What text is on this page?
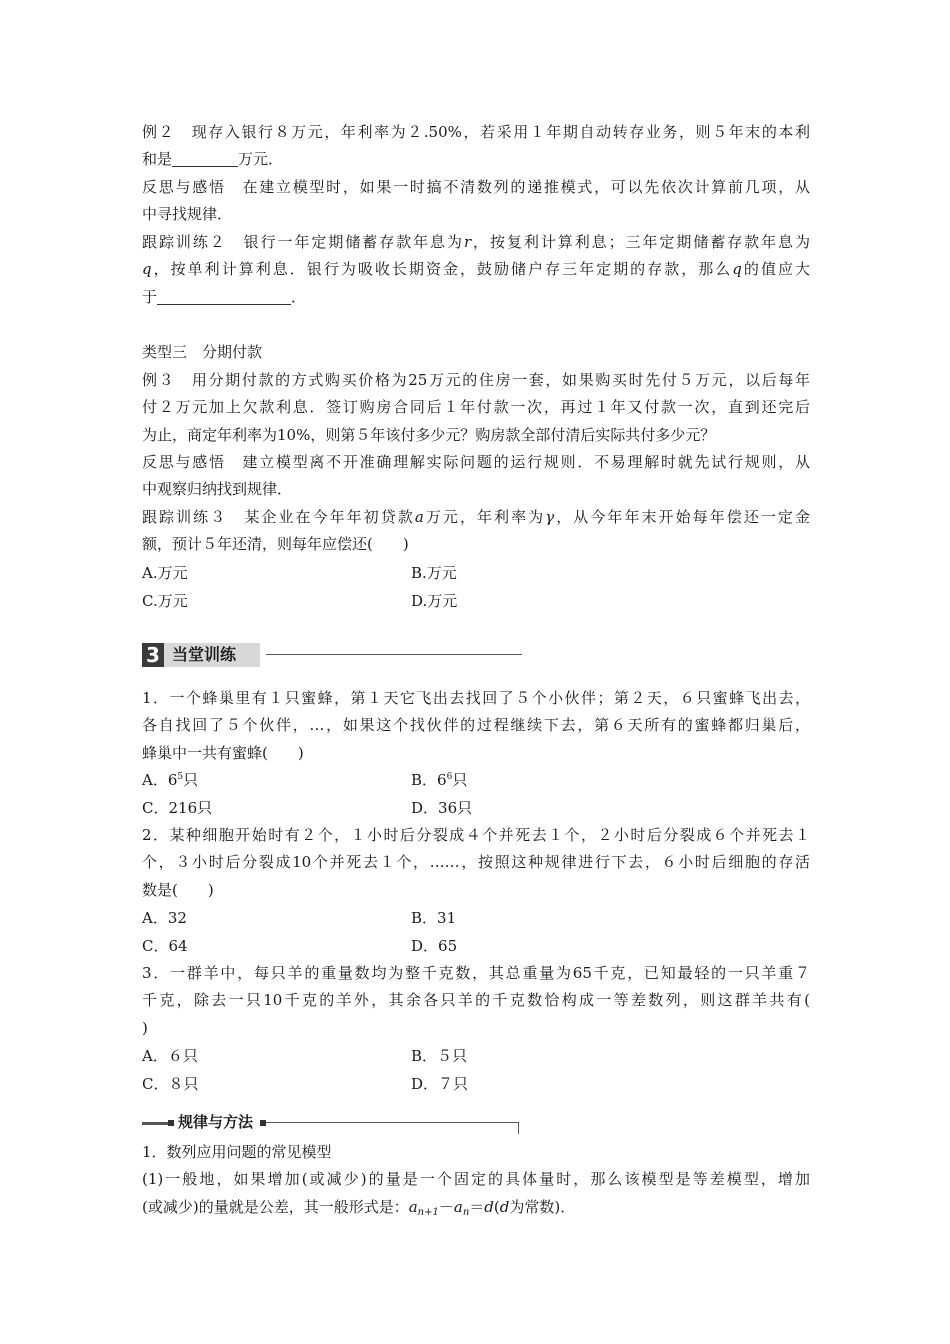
例２　现存入银行８万元，年利率为２.50%，若采用１年期自动转存业务，则５年末的本利
和是	万元．
反思与感悟　在建立模型时，如果一时搞不清数列的递推模式，可以先依次计算前几项，从
中寻找规律．
跟踪训练２　银行一年定期储蓄存款年息为r，按复利计算利息；三年定期储蓄存款年息为
q，按单利计算利息．银行为吸收长期资金，鼓励储户存三年定期的存款，那么q的值应大
于	．
类型三　分期付款
例３　用分期付款的方式购买价格为25万元的住房一套，如果购买时先付５万元，以后每年
付２万元加上欠款利息．签订购房合同后１年付款一次，再过１年又付款一次，直到还完后
为止，商定年利率为10%，则第５年该付多少元？购房款全部付清后实际共付多少元？
反思与感悟　建立模型离不开准确理解实际问题的运行规则．不易理解时就先试行规则，从
中观察归纳找到规律．
跟踪训练３　某企业在今年年初贷款a万元，年利率为γ，从今年年末开始每年偿还一定金
额，预计５年还清，则每年应偿还(　　)
A.万元	B.万元
C.万元	D.万元
3 当堂训练
1．一个蜂巢里有１只蜜蜂，第１天它飞出去找回了５个小伙伴；第２天，６只蜜蜂飞出去，
各自找回了５个伙伴，…，如果这个找伙伴的过程继续下去，第６天所有的蜜蜂都归巢后，
蜂巢中一共有蜜蜂(　　)
A．$6^5$只	B．$6^6$只
C．216只	D．36只
2．某种细胞开始时有２个，１小时后分裂成４个并死去１个，２小时后分裂成６个并死去１
个，３小时后分裂成10个并死去１个，……，按照这种规律进行下去，６小时后细胞的存活
数是(　　)
A．32	B．31
C．64	D．65
3．一群羊中，每只羊的重量数均为整千克数，其总重量为65千克，已知最轻的一只羊重７
千克，除去一只10千克的羊外，其余各只羊的千克数恰构成一等差数列，则这群羊共有(
)
A．６只	B．５只
C．８只	D．７只
规律与方法
1．数列应用问题的常见模型
(1)一般地，如果增加(或减少)的量是一个固定的具体量时，那么该模型是等差模型，增加
(或减少)的量就是公差，其一般形式是：$a_{n+1}-a_n=d(d$为常数)．
